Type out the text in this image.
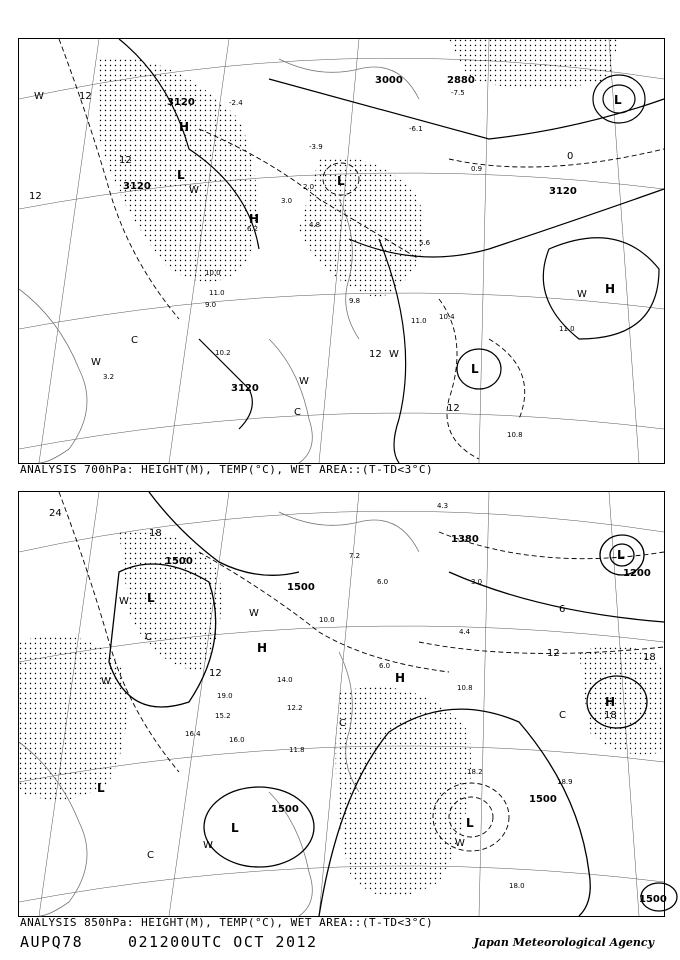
H
H
H
L	L
L
L
W
W
W
W
W
W
C
C
3000
3120
3120	3120
3120
2880
12
12
12
12
0
12
3.2
-2.4
-3.9
-6.1
-7.5
0.9
2.0
3.0
6.2	4.8
5.6
10.0
11.0
9.0
10.2
9.8
11.0 10.4
11.0
10.8
ANALYSIS 700hPa: HEIGHT(M), TEMP(°C), WET AREA::(T-TD<3°C)
H
H
H
L
L
L	L
L
W
W
W
W	W
C
C
C
C
1500
1500
1500
1500
1500
1380
1200
24
18
12
12
6
18
18
4.3
7.2
6.0
10.0
3.0
4.4
6.0
10.8
12.2
15.2
16.0
18.2
19.0
16.4
14.0
11.8
18.9
18.0
ANALYSIS 850hPa: HEIGHT(M), TEMP(°C), WET AREA::(T-TD<3°C)
AUPQ78	021200UTC OCT 2012	Japan Meteorological Agency
